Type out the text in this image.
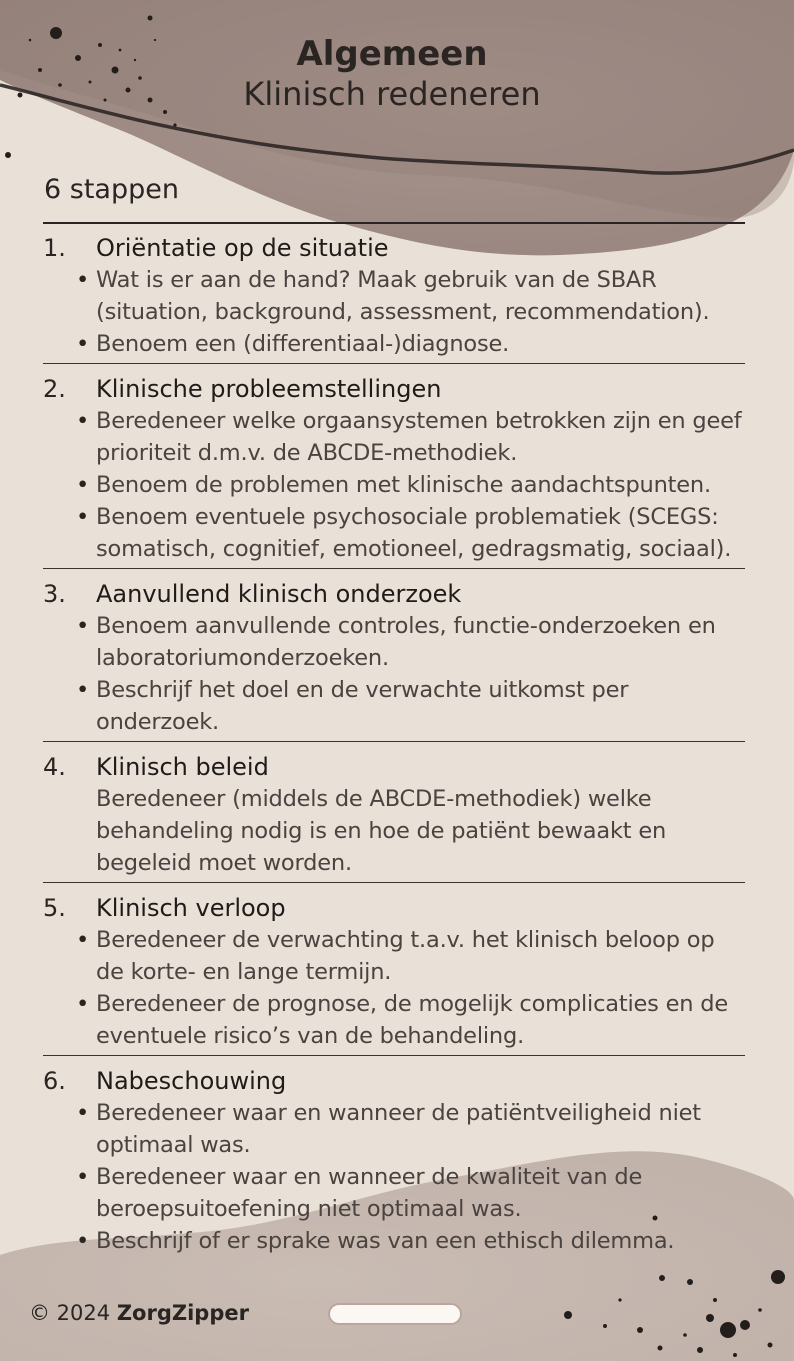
Algemeen
Klinisch redeneren
6 stappen
1.	Oriëntatie op de situatie
• Wat is er aan de hand? Maak gebruik van de SBAR (situation, background, assessment, recommendation).
• Benoem een (differentiaal-)diagnose.
2.	Klinische probleemstellingen
• Beredeneer welke orgaansystemen betrokken zijn en geef prioriteit d.m.v. de ABCDE-methodiek.
• Benoem de problemen met klinische aandachtspunten.
• Benoem eventuele psychosociale problematiek (SCEGS: somatisch, cognitief, emotioneel, gedragsmatig, sociaal).
3.	Aanvullend klinisch onderzoek
• Benoem aanvullende controles, functie-onderzoeken en laboratoriumonderzoeken.
• Beschrijf het doel en de verwachte uitkomst per onderzoek.
4.	Klinisch beleid
Beredeneer (middels de ABCDE-methodiek) welke behandeling nodig is en hoe de patiënt bewaakt en begeleid moet worden.
5.	Klinisch verloop
• Beredeneer de verwachting t.a.v. het klinisch beloop op de korte- en lange termijn.
• Beredeneer de prognose, de mogelijk complicaties en de eventuele risico’s van de behandeling.
6.	Nabeschouwing
• Beredeneer waar en wanneer de patiëntveiligheid niet optimaal was.
• Beredeneer waar en wanneer de kwaliteit van de beroepsuitoefening niet optimaal was.
• Beschrijf of er sprake was van een ethisch dilemma.
© 2024 ZorgZipper
